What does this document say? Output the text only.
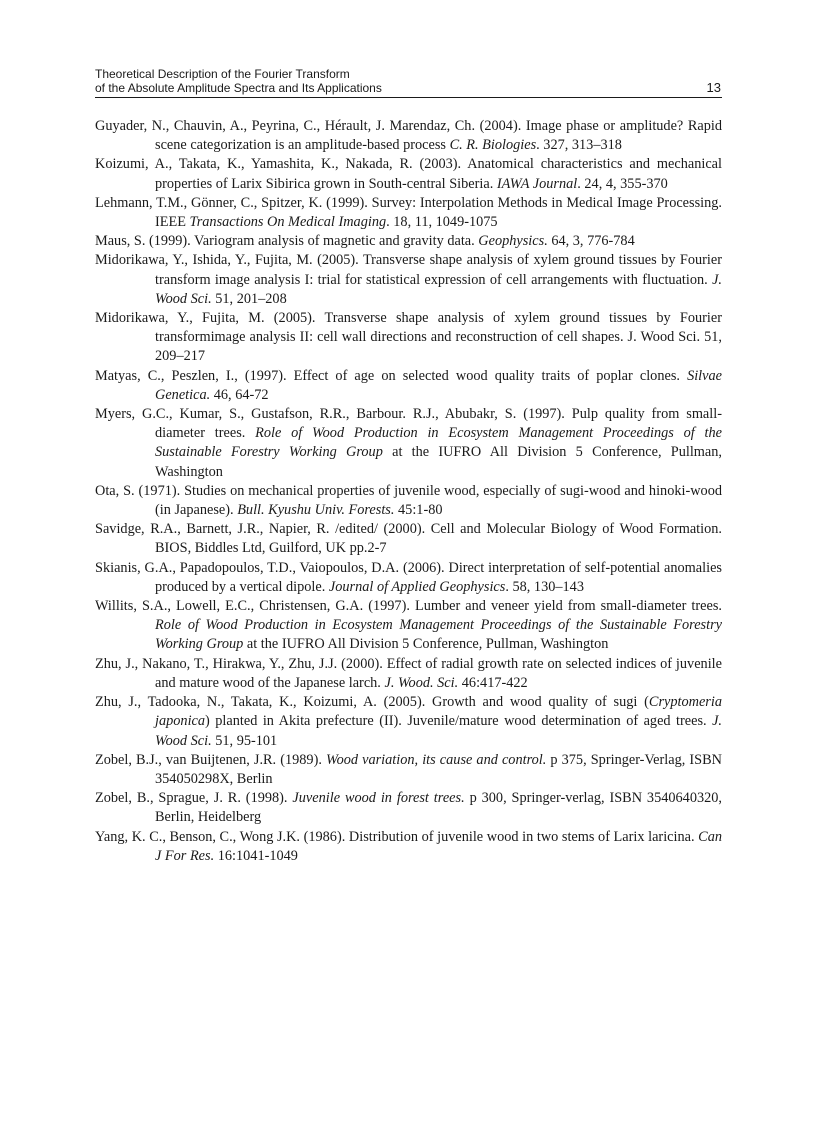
Theoretical Description of the Fourier Transform
of the Absolute Amplitude Spectra and Its Applications	13

Guyader, N., Chauvin, A., Peyrina, C., Hérault, J. Marendaz, Ch. (2004). Image phase or amplitude? Rapid scene categorization is an amplitude-based process C. R. Biologies. 327, 313–318

Koizumi, A., Takata, K., Yamashita, K., Nakada, R. (2003). Anatomical characteristics and mechanical properties of Larix Sibirica grown in South-central Siberia. IAWA Journal. 24, 4, 355-370

Lehmann, T.M., Gönner, C., Spitzer, K. (1999). Survey: Interpolation Methods in Medical Image Processing. IEEE Transactions On Medical Imaging. 18, 11, 1049-1075

Maus, S. (1999). Variogram analysis of magnetic and gravity data. Geophysics. 64, 3, 776-784

Midorikawa, Y., Ishida, Y., Fujita, M. (2005). Transverse shape analysis of xylem ground tissues by Fourier transform image analysis I: trial for statistical expression of cell arrangements with fluctuation. J. Wood Sci. 51, 201–208

Midorikawa, Y., Fujita, M. (2005). Transverse shape analysis of xylem ground tissues by Fourier transformimage analysis II: cell wall directions and reconstruction of cell shapes. J. Wood Sci. 51, 209–217

Matyas, C., Peszlen, I., (1997). Effect of age on selected wood quality traits of poplar clones. Silvae Genetica. 46, 64-72

Myers, G.C., Kumar, S., Gustafson, R.R., Barbour. R.J., Abubakr, S. (1997). Pulp quality from small-diameter trees. Role of Wood Production in Ecosystem Management Proceedings of the Sustainable Forestry Working Group at the IUFRO All Division 5 Conference, Pullman, Washington

Ota, S. (1971). Studies on mechanical properties of juvenile wood, especially of sugi-wood and hinoki-wood (in Japanese). Bull. Kyushu Univ. Forests. 45:1-80

Savidge, R.A., Barnett, J.R., Napier, R. /edited/ (2000). Cell and Molecular Biology of Wood Formation. BIOS, Biddles Ltd, Guilford, UK pp.2-7

Skianis, G.A., Papadopoulos, T.D., Vaiopoulos, D.A. (2006). Direct interpretation of self-potential anomalies produced by a vertical dipole. Journal of Applied Geophysics. 58, 130–143

Willits, S.A., Lowell, E.C., Christensen, G.A. (1997). Lumber and veneer yield from small-diameter trees. Role of Wood Production in Ecosystem Management Proceedings of the Sustainable Forestry Working Group at the IUFRO All Division 5 Conference, Pullman, Washington

Zhu, J., Nakano, T., Hirakwa, Y., Zhu, J.J. (2000). Effect of radial growth rate on selected indices of juvenile and mature wood of the Japanese larch. J. Wood. Sci. 46:417-422

Zhu, J., Tadooka, N., Takata, K., Koizumi, A. (2005). Growth and wood quality of sugi (Cryptomeria japonica) planted in Akita prefecture (II). Juvenile/mature wood determination of aged trees. J. Wood Sci. 51, 95-101

Zobel, B.J., van Buijtenen, J.R. (1989). Wood variation, its cause and control. p 375, Springer-Verlag, ISBN 354050298X, Berlin

Zobel, B., Sprague, J. R. (1998). Juvenile wood in forest trees. p 300, Springer-verlag, ISBN 3540640320, Berlin, Heidelberg

Yang, K. C., Benson, C., Wong J.K. (1986). Distribution of juvenile wood in two stems of Larix laricina. Can J For Res. 16:1041-1049
